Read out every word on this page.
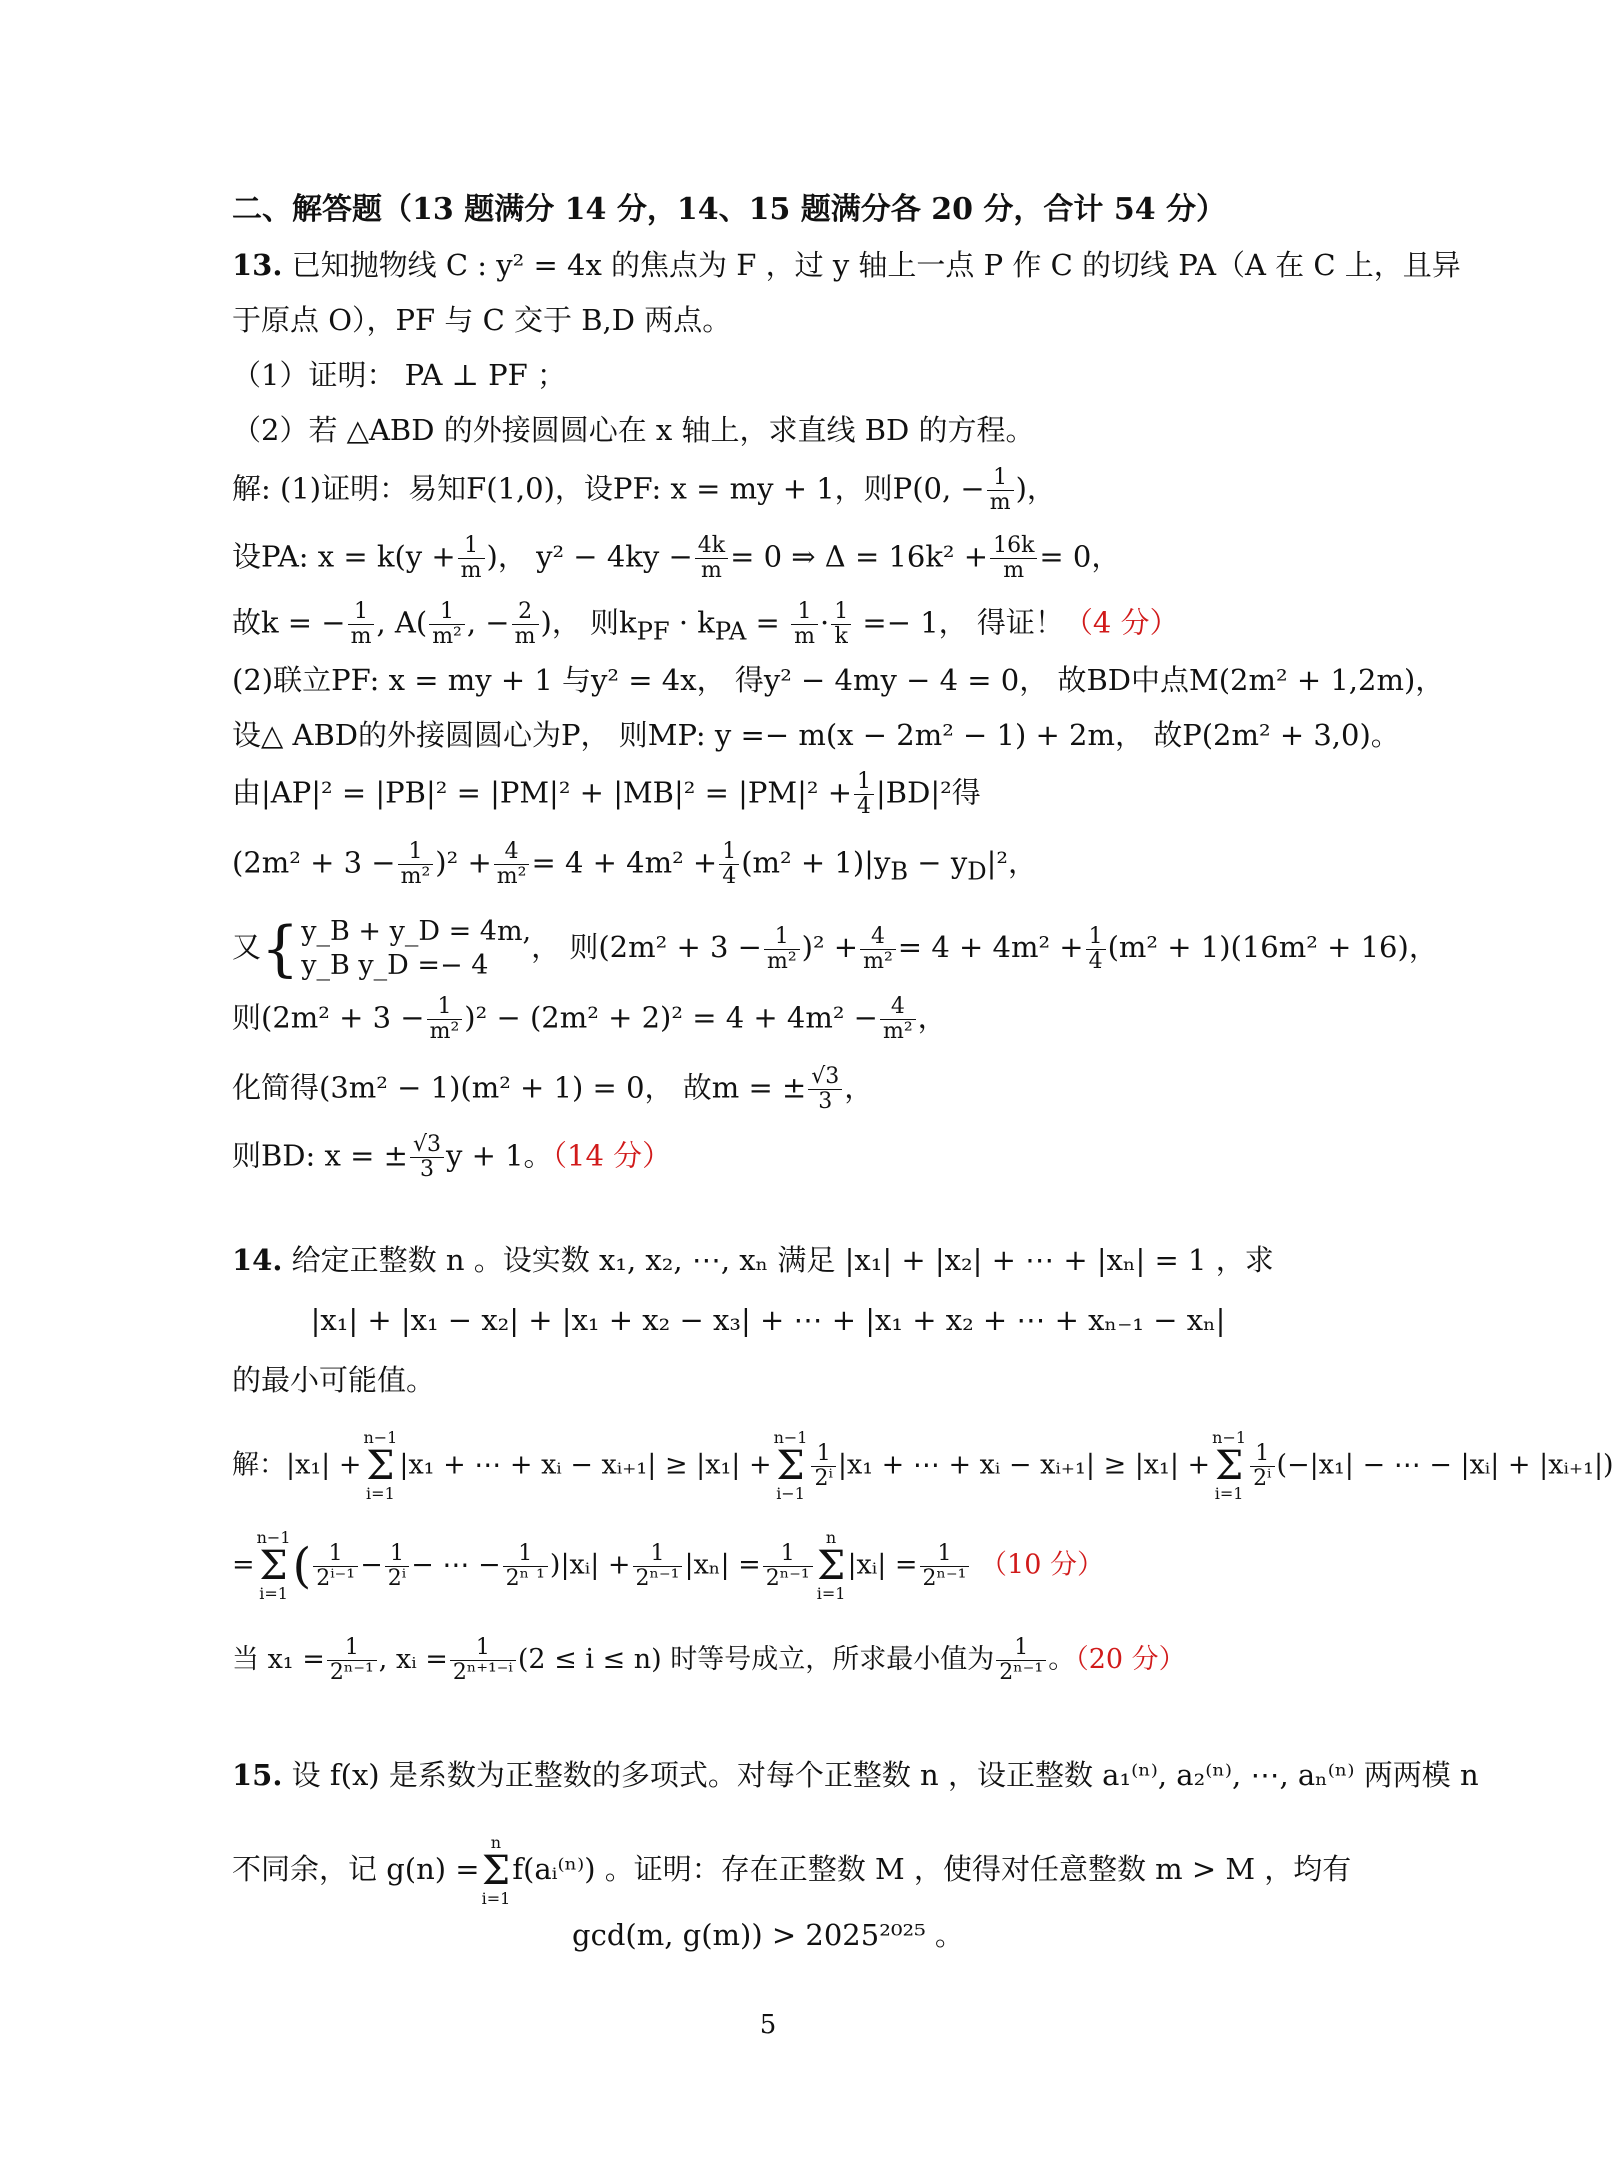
二、解答题（13 题满分 14 分，14、15 题满分各 20 分，合计 54 分）
13. 已知抛物线 C : y² = 4x 的焦点为 F ，过 y 轴上一点 P 作 C 的切线 PA（A 在 C 上，且异
于原点 O），PF 与 C 交于 B,D 两点。
（1）证明： PA ⊥ PF ；
（2）若 △ABD 的外接圆圆心在 x 轴上，求直线 BD 的方程。
解: (1)证明：易知F(1,0)，设PF: x = my + 1，则P(0, − $\frac{1}{m}$ )，
设PA: $x = k(y + \frac{1}{m}$ )， $y^2 - 4ky - \frac{4k}{m} = 0$ ⇒ $\Delta = 16k^2 + \frac{16k}{m} = 0$，
故k = − $\frac{1}{m}$ , $A( \frac{1}{\text{m²}}$ , − $\frac{2}{m}$ )， 则$k_{PF} \cdot k_{PA} = \frac{1}{m} \cdot \frac{1}{k} =- 1$， 得证！（4 分）
(2)联立PF: x = my + 1 与y² = 4x， 得y² − 4my − 4 = 0， 故BD中点M(2m² + 1,2m)，
设△ ABD的外接圆圆心为P， 则MP: y =− m(x − 2m² − 1) + 2m， 故P(2m² + 3,0)。
由$|AP|^2 = |PB|^2 = |PM|^2 + |MB|^2 = |PM|^2 + \frac{1}{4} |BD|^2$得
$(2m^2 + 3 - \frac{1}{\text{m²}} )^2 + \frac{4}{\text{m²}} = 4 + 4m^2 + \frac{1}{4} (m^2 + 1)|y_B - y_D|^2$，
又{ y_B + y_D = 4m,
y_B y_D =− 4
， 则$(2m^2 + 3 - \frac{1}{\text{m²}} )^2 + \frac{4}{\text{m²}} = 4 + 4m^2 + \frac{1}{4} (m^2 + 1)(16m^2 + 16)$，
则$(2m^2 + 3 - \frac{1}{\text{m²}} )^2 - (2m^2 + 2)^2 = 4 + 4m^2 - \frac{4}{\text{m²}}$ ，
化简得(3m² − 1)(m² + 1) = 0， 故m = ± $\frac{√3}{3}$ ，
则BD: x = ± $\frac{√3}{3}$ y + 1。（14 分）
14. 给定正整数 n 。设实数 x₁, x₂, ⋯, xₙ 满足 |x₁| + |x₂| + ⋯ + |xₙ| = 1 ，求
|x₁| + |x₁ − x₂| + |x₁ + x₂ − x₃| + ⋯ + |x₁ + x₂ + ⋯ + xₙ₋₁ − xₙ|
的最小可能值。
解：|x₁| +
n−1
Σ
i=1
|x₁ + ⋯ + xᵢ − xᵢ₊₁| ≥ |x₁| +
n−1
Σ
i−1
$\frac{1}{\text{2ⁱ}} |x_1$ + ⋯ + xᵢ − xᵢ₊₁| ≥ |x₁| +
n−1
Σ
i=1
$\frac{1}{\text{2ⁱ}} (-|x_1|$ − ⋯ − |xᵢ| + |xᵢ₊₁|)
=
n−1
Σ
i=1 ( $\frac{1}{\text{2ⁱ⁻¹}} - \frac{1}{\text{2ⁱ}}$ − ⋯ − $\frac{1}{\text{2ⁿ ¹}}$ )|xᵢ| + $\frac{1}{\text{2ⁿ⁻¹}} |x_n| = \frac{1}{\text{2ⁿ⁻¹}}$
n
Σ
i=1
|xᵢ| = $\frac{1}{\text{2ⁿ⁻¹}} (10$ 分）
当 $x_1 = \frac{1}{\text{2ⁿ⁻¹}}$ , xᵢ = $\frac{1}{\text{2ⁿ⁺¹⁻ⁱ}} (2 \le i \le n)$ 时等号成立，所求最小值为 $\frac{1}{\text{2ⁿ⁻¹}}$ 。（20 分）
15. 设 f(x) 是系数为正整数的多项式。对每个正整数 n ，设正整数 a₁⁽ⁿ⁾, a₂⁽ⁿ⁾, ⋯, aₙ⁽ⁿ⁾ 两两模 n
不同余，记 g(n) =
n
Σ
i=1
f(aᵢ⁽ⁿ⁾) 。证明：存在正整数 M ，使得对任意整数 m > M ，均有
gcd(m, g(m)) > 2025²⁰²⁵ 。
5
